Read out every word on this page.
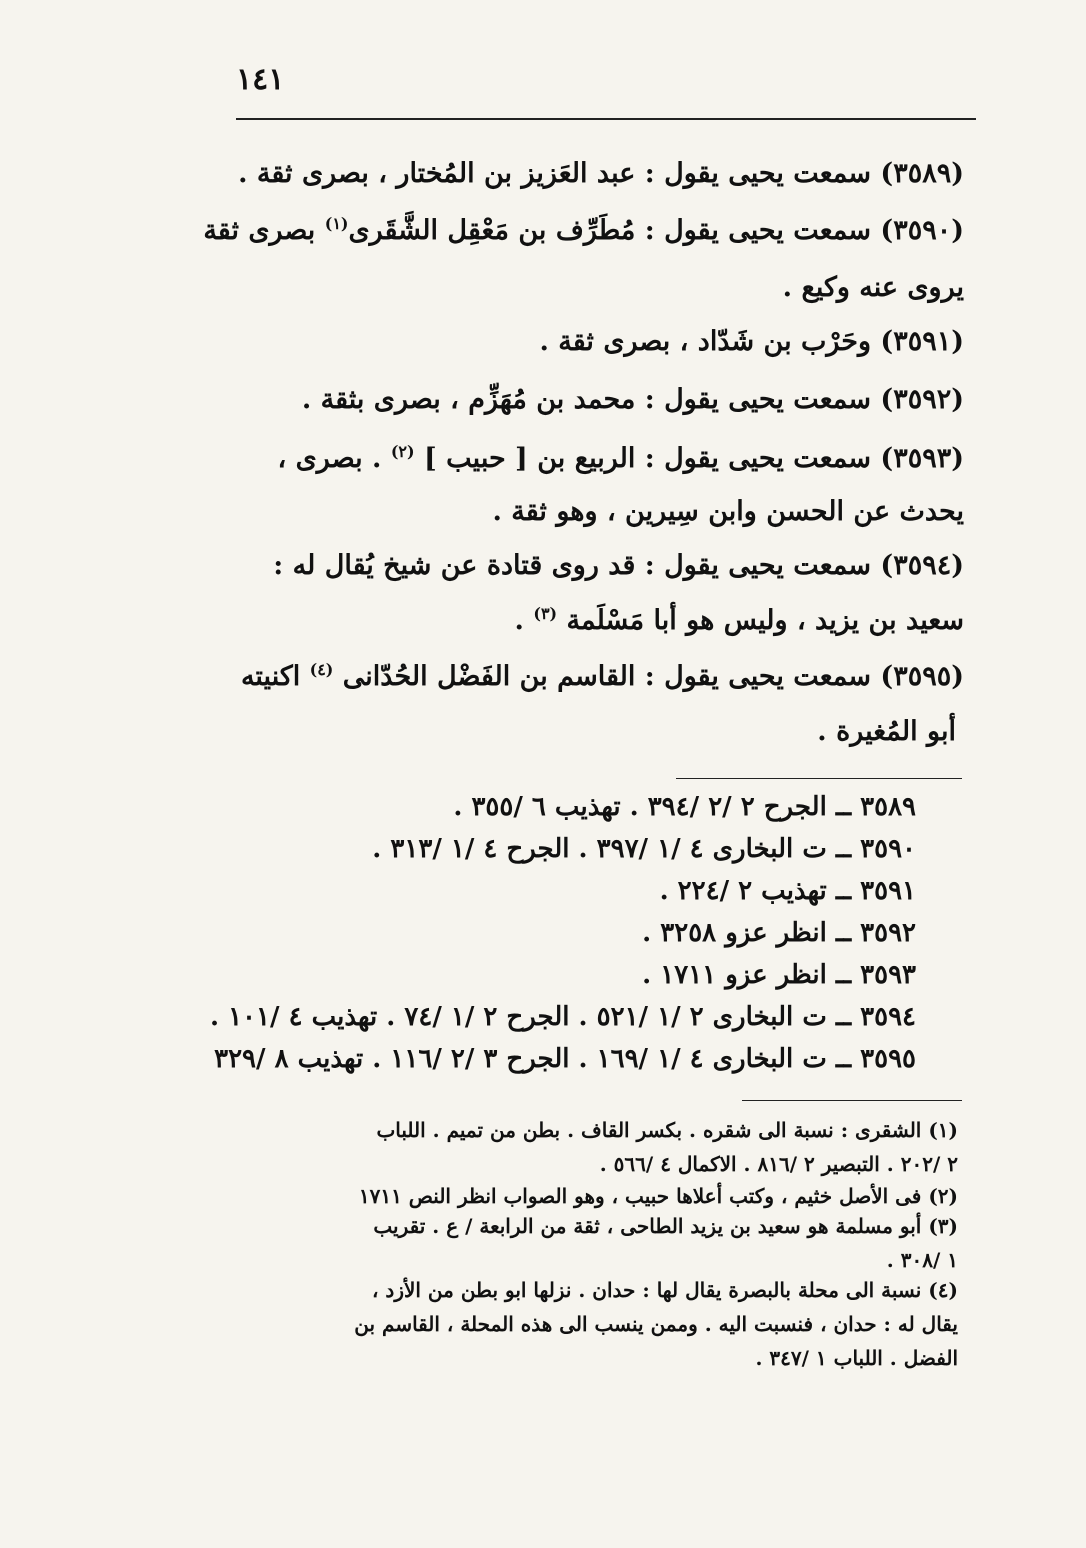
١٤١
(٣٥٨٩) سمعت يحيى يقول : عبد العَزيز بن المُختار ، بصرى ثقة .
(٣٥٩٠) سمعت يحيى يقول : مُطَرِّف بن مَعْقِل الشَّقَرى$^{(١)}$ بصرى ثقة
يروى عنه وكيع .
(٣٥٩١) وحَرْب بن شَدّاد ، بصرى ثقة .
(٣٥٩٢) سمعت يحيى يقول : محمد بن مُهَزِّم ، بصرى بثقة .
(٣٥٩٣) سمعت يحيى يقول : الربيع بن [ حبيب ] $^{(٢)}$ . بصرى ،
يحدث عن الحسن وابن سِيرين ، وهو ثقة .
(٣٥٩٤) سمعت يحيى يقول : قد روى قتادة عن شيخ يُقال له :
سعيد بن يزيد ، وليس هو أبا مَسْلَمة $^{(٣)}$ .
(٣٥٩٥) سمعت يحيى يقول : القاسم بن الفَضْل الحُدّانى $^{(٤)}$ اكنيته
أبو المُغيرة .
٣٥٨٩ ــ الجرح ٢ /٢ /٣٩٤ . تهذيب ٦ /٣٥٥ .
٣٥٩٠ ــ ت البخارى ٤ /١ /٣٩٧ . الجرح ٤ /١ /٣١٣ .
٣٥٩١ ــ تهذيب ٢ /٢٢٤ .
٣٥٩٢ ــ انظر عزو ٣٢٥٨ .
٣٥٩٣ ــ انظر عزو ١٧١١ .
٣٥٩٤ ــ ت البخارى ٢ /١ /٥٢١ . الجرح ٢ /١ /٧٤ . تهذيب ٤ /١٠١ .
٣٥٩٥ ــ ت البخارى ٤ /١ /١٦٩ . الجرح ٣ /٢ /١١٦ . تهذيب ٨ /٣٢٩
(١) الشقرى : نسبة الى شقره . بكسر القاف . بطن من تميم . اللباب
٢ /٢٠٢ . التبصير ٢ /٨١٦ . الاكمال ٤ /٥٦٦ .
(٢) فى الأصل خثيم ، وكتب أعلاها حبيب ، وهو الصواب انظر النص ١٧١١
(٣) أبو مسلمة هو سعيد بن يزيد الطاحى ، ثقة من الرابعة / ع . تقريب
١ /٣٠٨ .
(٤) نسبة الى محلة بالبصرة يقال لها : حدان . نزلها ابو بطن من الأزد ،
يقال له : حدان ، فنسبت اليه . وممن ينسب الى هذه المحلة ، القاسم بن
الفضل . اللباب ١ /٣٤٧ .
